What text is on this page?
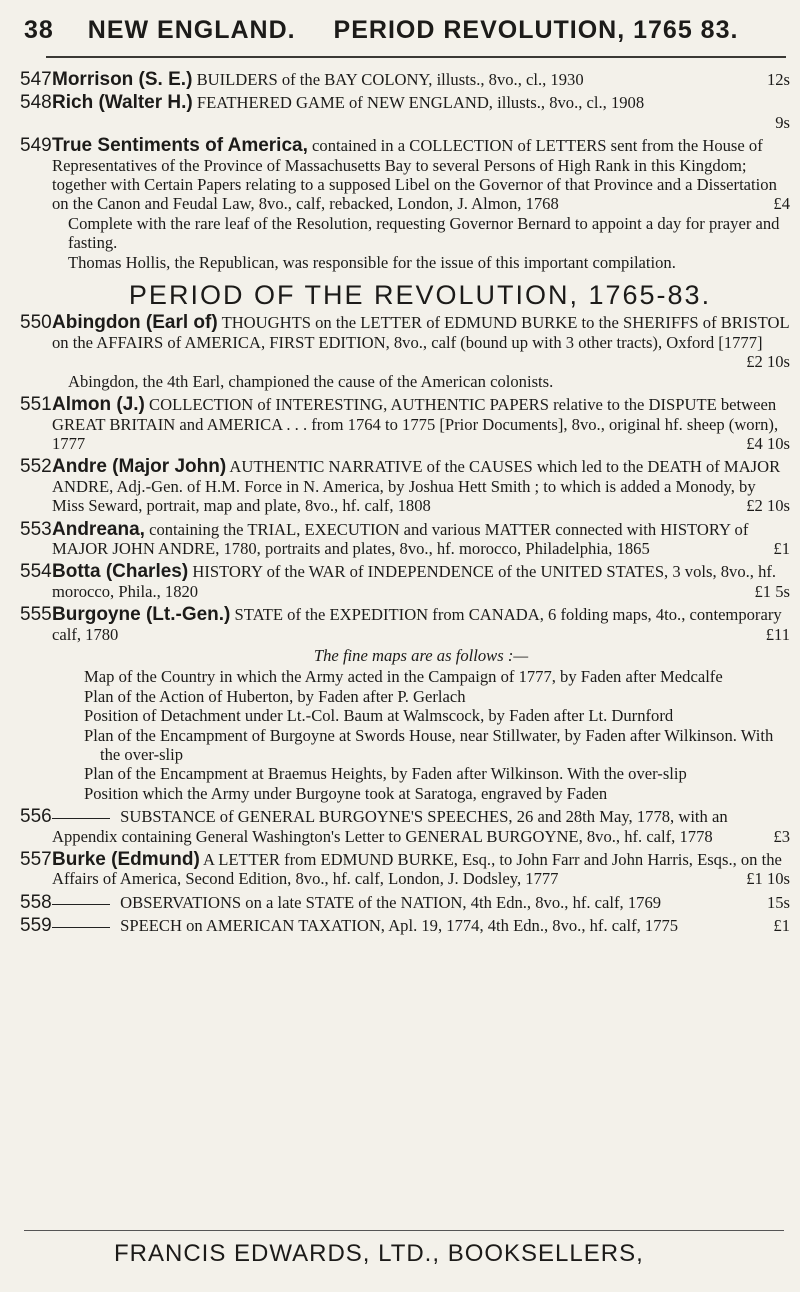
38 NEW ENGLAND. PERIOD REVOLUTION, 1765 83.
547 Morrison (S. E.) BUILDERS of the BAY COLONY, illusts., 8vo., cl., 1930	12s
548 Rich (Walter H.) FEATHERED GAME of NEW ENGLAND, illusts., 8vo., cl., 1908
9s
549 True Sentiments of America, contained in a COLLECTION of LETTERS sent from the House of Representatives of the Province of Massachusetts Bay to several Persons of High Rank in this Kingdom; together with Certain Papers relating to a supposed Libel on the Governor of that Province and a Dissertation on the Canon and Feudal Law, 8vo., calf, rebacked, London, J. Almon, 1768	£4
Complete with the rare leaf of the Resolution, requesting Governor Bernard to appoint a day for prayer and fasting.
Thomas Hollis, the Republican, was responsible for the issue of this important compilation.
PERIOD OF THE REVOLUTION, 1765-83.
550 Abingdon (Earl of) THOUGHTS on the LETTER of EDMUND BURKE to the SHERIFFS of BRISTOL on the AFFAIRS of AMERICA, FIRST EDITION, 8vo., calf (bound up with 3 other tracts), Oxford [1777]
£2 10s
Abingdon, the 4th Earl, championed the cause of the American colonists.
551 Almon (J.) COLLECTION of INTERESTING, AUTHENTIC PAPERS relative to the DISPUTE between GREAT BRITAIN and AMERICA . . . from 1764 to 1775 [Prior Documents], 8vo., original hf. sheep (worn), 1777	£4 10s
552 Andre (Major John) AUTHENTIC NARRATIVE of the CAUSES which led to the DEATH of MAJOR ANDRE, Adj.-Gen. of H.M. Force in N. America, by Joshua Hett Smith ; to which is added a Monody, by Miss Seward, portrait, map and plate, 8vo., hf. calf, 1808	£2 10s
553 Andreana, containing the TRIAL, EXECUTION and various MATTER connected with HISTORY of MAJOR JOHN ANDRE, 1780, portraits and plates, 8vo., hf. morocco, Philadelphia, 1865	£1
554 Botta (Charles) HISTORY of the WAR of INDEPENDENCE of the UNITED STATES, 3 vols, 8vo., hf. morocco, Phila., 1820	£1 5s
555 Burgoyne (Lt.-Gen.) STATE of the EXPEDITION from CANADA, 6 folding maps, 4to., contemporary calf, 1780	£11
The fine maps are as follows :—
Map of the Country in which the Army acted in the Campaign of 1777, by Faden after Medcalfe
Plan of the Action of Huberton, by Faden after P. Gerlach
Position of Detachment under Lt.-Col. Baum at Walmscock, by Faden after Lt. Durnford
Plan of the Encampment of Burgoyne at Swords House, near Stillwater, by Faden after Wilkinson. With the over-slip
Plan of the Encampment at Braemus Heights, by Faden after Wilkinson. With the over-slip
Position which the Army under Burgoyne took at Saratoga, engraved by Faden
556	SUBSTANCE of GENERAL BURGOYNE'S SPEECHES, 26 and 28th May, 1778, with an Appendix containing General Washington's Letter to GENERAL BURGOYNE, 8vo., hf. calf, 1778	£3
557 Burke (Edmund) A LETTER from EDMUND BURKE, Esq., to John Farr and John Harris, Esqs., on the Affairs of America, Second Edition, 8vo., hf. calf, London, J. Dodsley, 1777	£1 10s
558	OBSERVATIONS on a late STATE of the NATION, 4th Edn., 8vo., hf. calf, 1769	15s
559	SPEECH on AMERICAN TAXATION, Apl. 19, 1774, 4th Edn., 8vo., hf. calf, 1775	£1
FRANCIS EDWARDS, LTD., BOOKSELLERS,
